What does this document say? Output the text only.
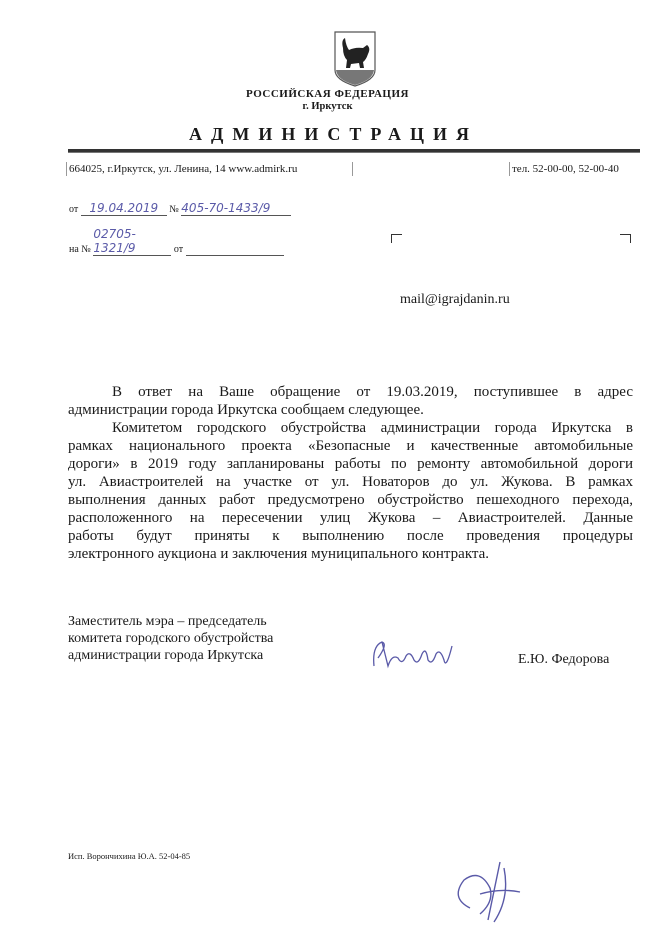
РОССИЙСКАЯ ФЕДЕРАЦИЯ
г. Иркутск
АДМИНИСТРАЦИЯ
664025, г.Иркутск, ул. Ленина, 14 www.admirk.ru	тел. 52-00-00, 52-00-40
от 19.04.2019 № 405-70-1433/9
на № 02705-1321/9	от
mail@igrajdanin.ru
В ответ на Ваше обращение от 19.03.2019, поступившее в адрес
администрации города Иркутска сообщаем следующее.
Комитетом городского обустройства администрации города Иркутска в
рамках национального проекта «Безопасные и качественные автомобильные
дороги» в 2019 году запланированы работы по ремонту автомобильной дороги
ул. Авиастроителей на участке от ул. Новаторов до ул. Жукова. В рамках
выполнения данных работ предусмотрено обустройство пешеходного перехода,
расположенного на пересечении улиц Жукова – Авиастроителей. Данные
работы будут приняты к выполнению после проведения процедуры
электронного аукциона и заключения муниципального контракта.
Заместитель мэра – председатель
комитета городского обустройства
администрации города Иркутска	Е.Ю. Федорова
Исп. Ворончихина Ю.А. 52-04-85
